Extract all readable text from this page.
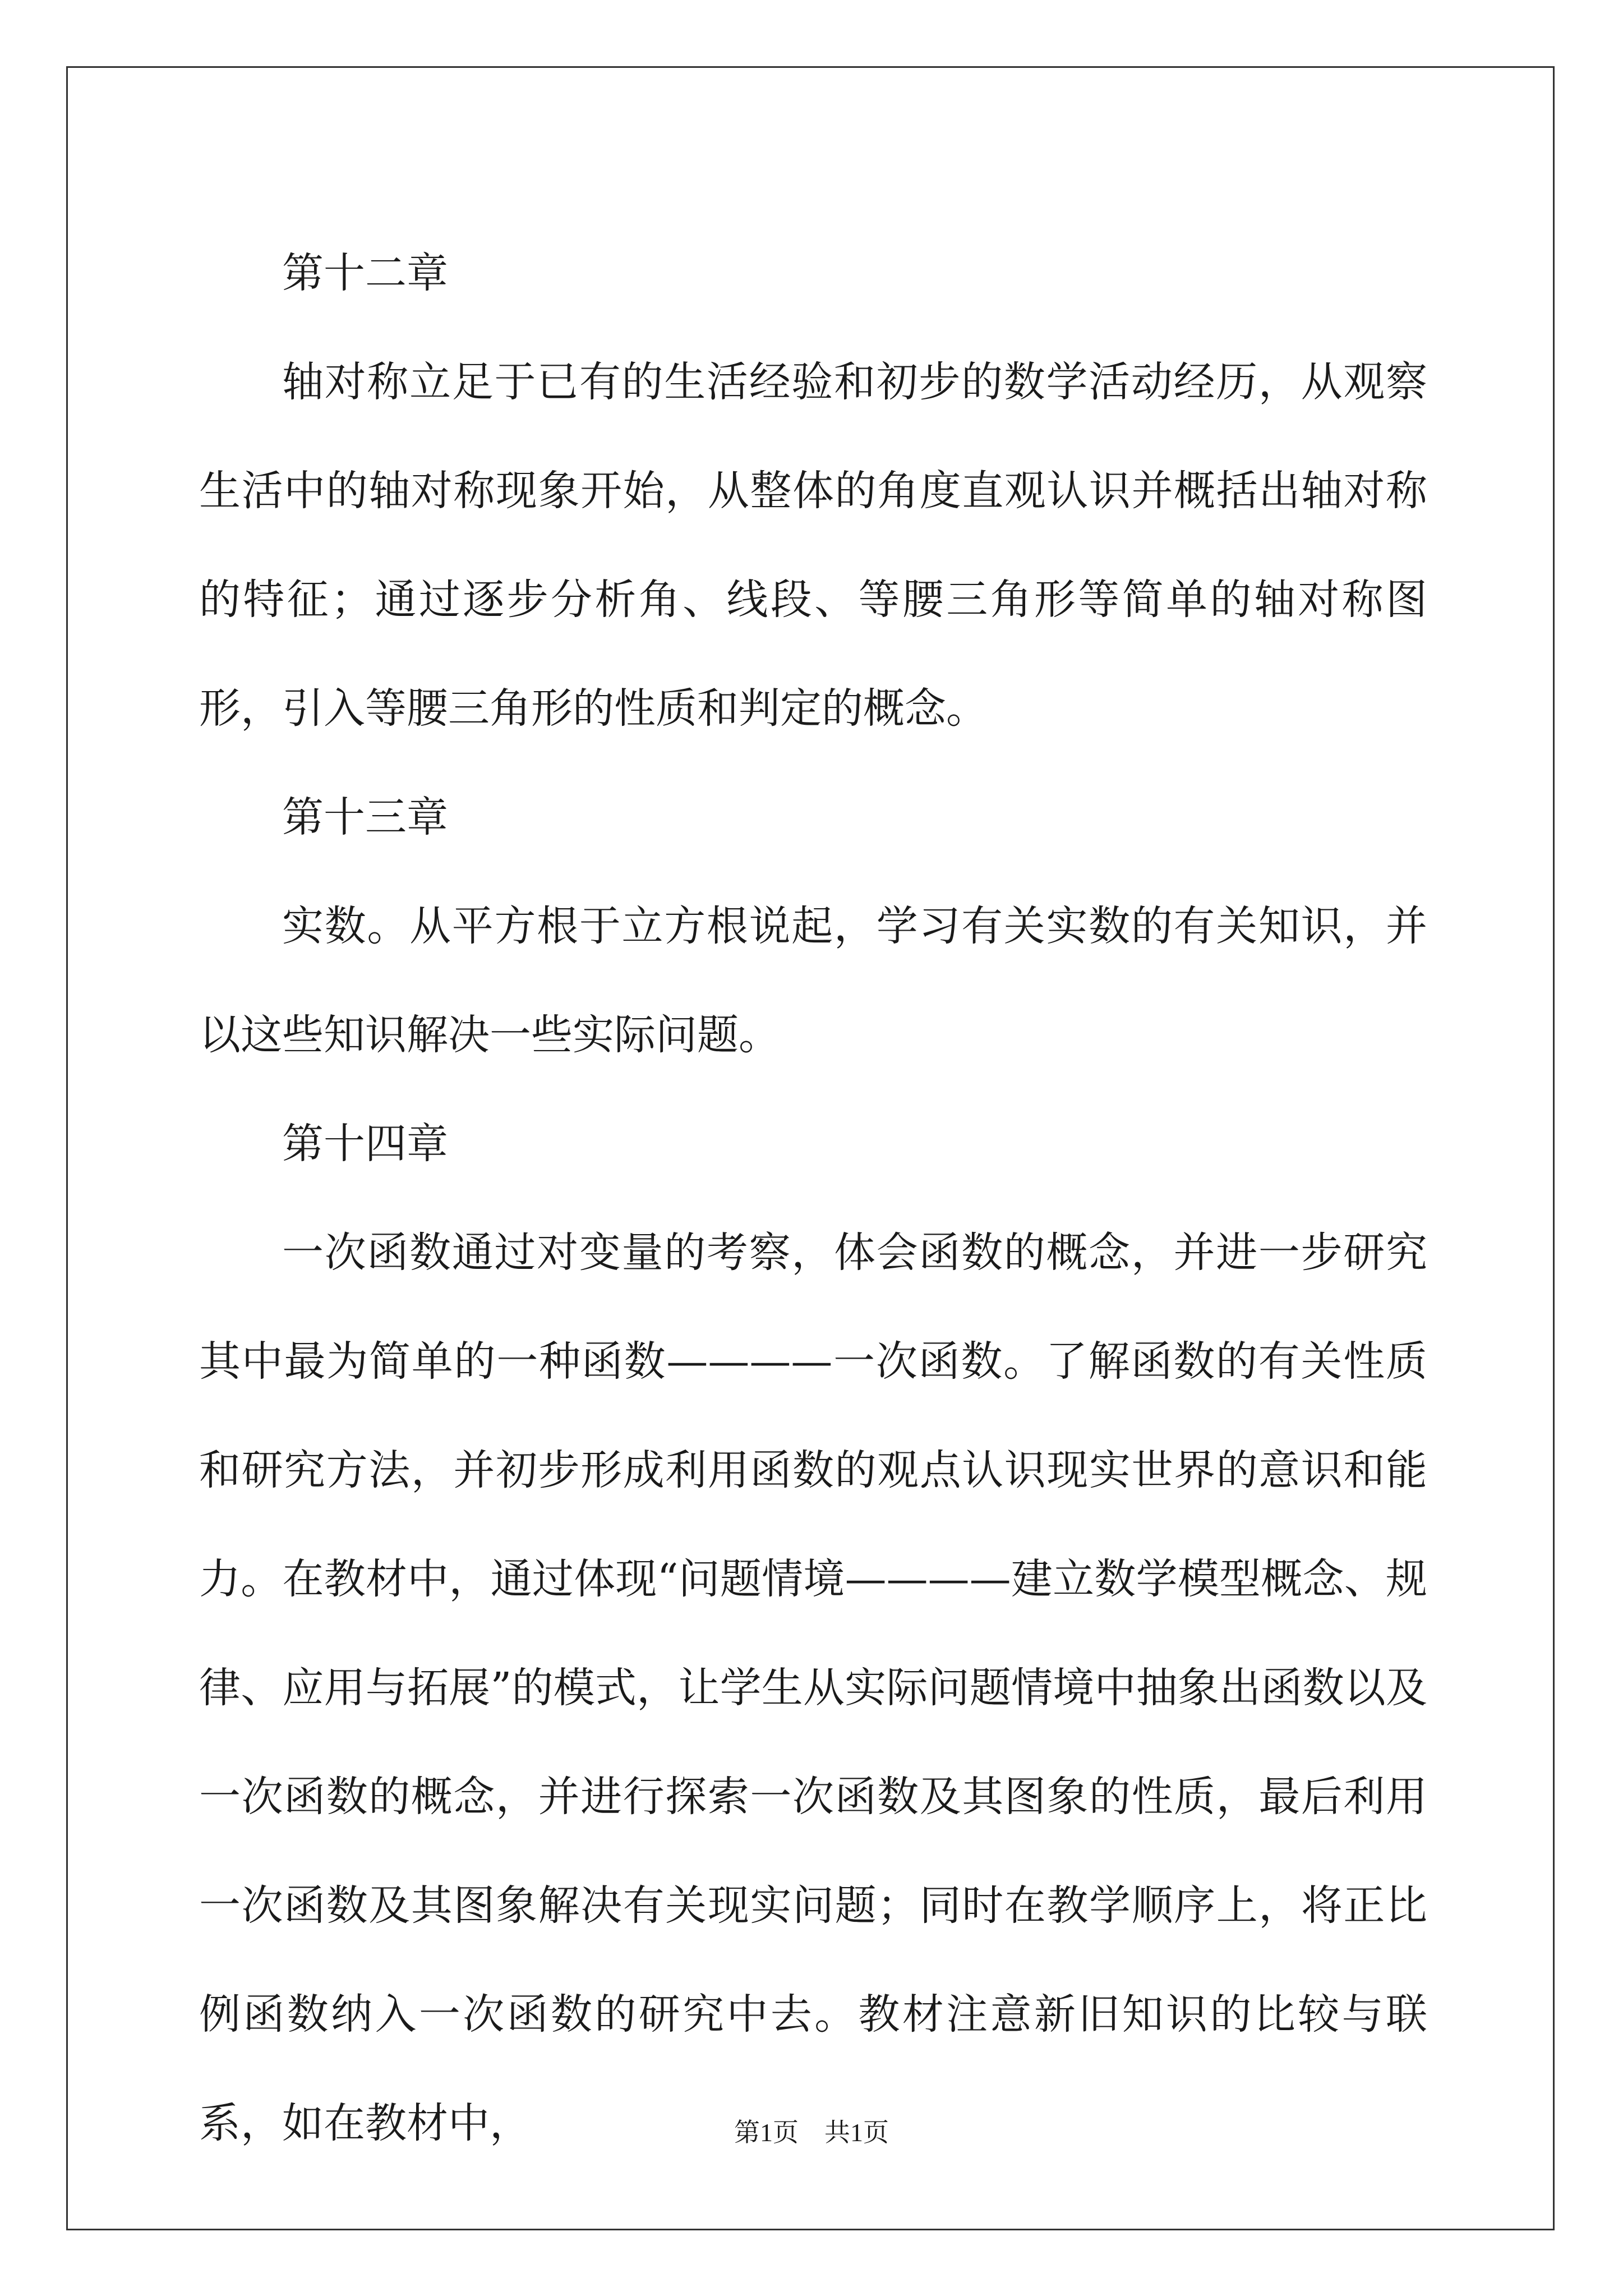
第十二章

轴对称立足于已有的生活经验和初步的数学活动经历，从观察生活中的轴对称现象开始，从整体的角度直观认识并概括出轴对称的特征；通过逐步分析角、线段、等腰三角形等简单的轴对称图形，引入等腰三角形的性质和判定的概念。

第十三章

实数。从平方根于立方根说起，学习有关实数的有关知识，并以这些知识解决一些实际问题。

第十四章

一次函数通过对变量的考察，体会函数的概念，并进一步研究其中最为简单的一种函数————一次函数。了解函数的有关性质和研究方法，并初步形成利用函数的观点认识现实世界的意识和能力。在教材中，通过体现“问题情境————建立数学模型概念、规律、应用与拓展”的模式，让学生从实际问题情境中抽象出函数以及一次函数的概念，并进行探索一次函数及其图象的性质，最后利用一次函数及其图象解决有关现实问题；同时在教学顺序上，将正比例函数纳入一次函数的研究中去。教材注意新旧知识的比较与联系，如在教材中，	第1页　共1页
